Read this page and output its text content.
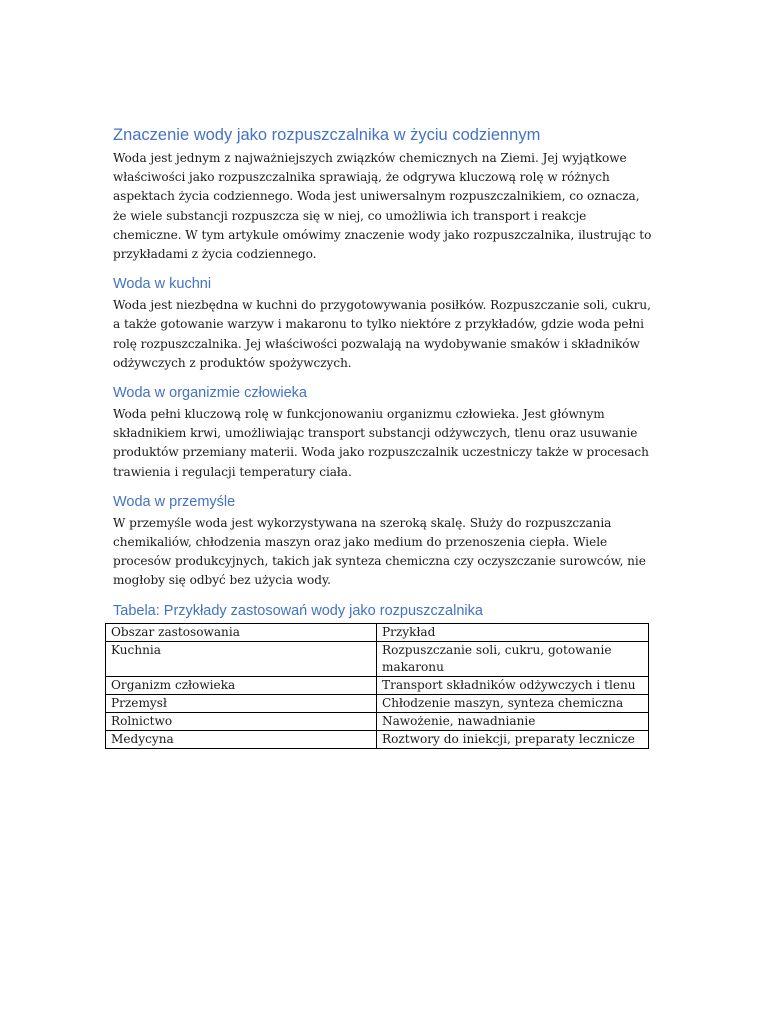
Znaczenie wody jako rozpuszczalnika w życiu codziennym

Woda jest jednym z najważniejszych związków chemicznych na Ziemi. Jej wyjątkowe właściwości jako rozpuszczalnika sprawiają, że odgrywa kluczową rolę w różnych aspektach życia codziennego. Woda jest uniwersalnym rozpuszczalnikiem, co oznacza, że wiele substancji rozpuszcza się w niej, co umożliwia ich transport i reakcje chemiczne. W tym artykule omówimy znaczenie wody jako rozpuszczalnika, ilustrując to przykładami z życia codziennego.

Woda w kuchni

Woda jest niezbędna w kuchni do przygotowywania posiłków. Rozpuszczanie soli, cukru, a także gotowanie warzyw i makaronu to tylko niektóre z przykładów, gdzie woda pełni rolę rozpuszczalnika. Jej właściwości pozwalają na wydobywanie smaków i składników odżywczych z produktów spożywczych.

Woda w organizmie człowieka

Woda pełni kluczową rolę w funkcjonowaniu organizmu człowieka. Jest głównym składnikiem krwi, umożliwiając transport substancji odżywczych, tlenu oraz usuwanie produktów przemiany materii. Woda jako rozpuszczalnik uczestniczy także w procesach trawienia i regulacji temperatury ciała.

Woda w przemyśle

W przemyśle woda jest wykorzystywana na szeroką skalę. Służy do rozpuszczania chemikaliów, chłodzenia maszyn oraz jako medium do przenoszenia ciepła. Wiele procesów produkcyjnych, takich jak synteza chemiczna czy oczyszczanie surowców, nie mogłoby się odbyć bez użycia wody.

Tabela: Przykłady zastosowań wody jako rozpuszczalnika
Obszar zastosowania	Przykład
Kuchnia	Rozpuszczanie soli, cukru, gotowanie makaronu
Organizm człowieka	Transport składników odżywczych i tlenu
Przemysł	Chłodzenie maszyn, synteza chemiczna
Rolnictwo	Nawożenie, nawadnianie
Medycyna	Roztwory do iniekcji, preparaty lecznicze
